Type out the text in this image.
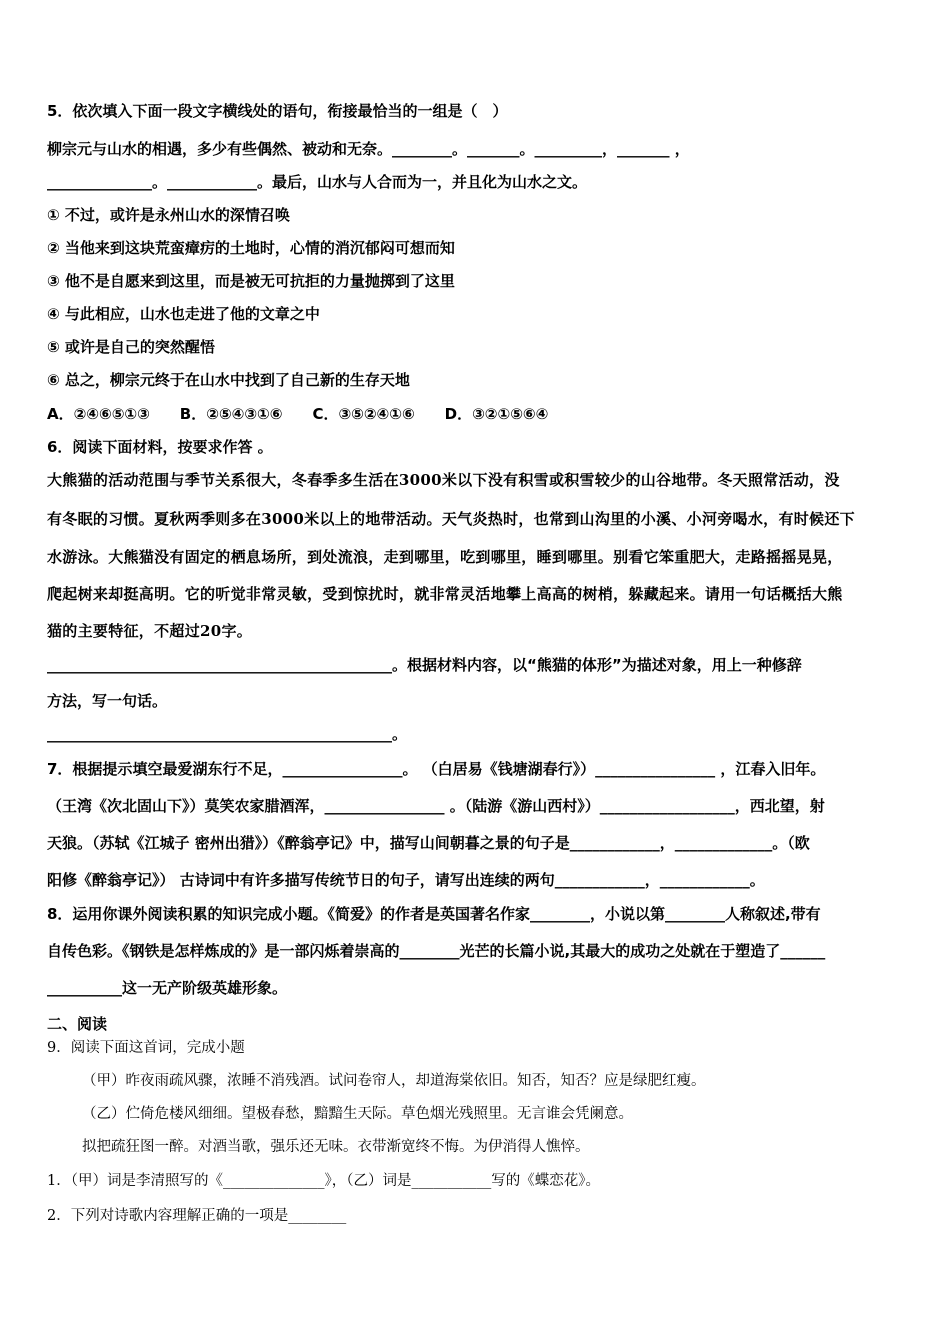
5．依次填入下面一段文字横线处的语句，衔接最恰当的一组是（　）
柳宗元与山水的相遇，多少有些偶然、被动和无奈。________。_______。_________，_______ ，
______________。____________。最后，山水与人合而为一，并且化为山水之文。
① 不过，或许是永州山水的深情召唤
② 当他来到这块荒蛮瘴疠的土地时，心情的消沉郁闷可想而知
③ 他不是自愿来到这里，而是被无可抗拒的力量抛掷到了这里
④ 与此相应，山水也走进了他的文章之中
⑤ 或许是自己的突然醒悟
⑥ 总之，柳宗元终于在山水中找到了自己新的生存天地
A．②④⑥⑤①③　　B．②⑤④③①⑥　　C．③⑤②④①⑥　　D．③②①⑤⑥④
6．阅读下面材料，按要求作答 。
大熊猫的活动范围与季节关系很大，冬春季多生活在3000米以下没有积雪或积雪较少的山谷地带。冬天照常活动，没
有冬眠的习惯。夏秋两季则多在3000米以上的地带活动。天气炎热时，也常到山沟里的小溪、小河旁喝水，有时候还下
水游泳。大熊猫没有固定的栖息场所，到处流浪，走到哪里，吃到哪里，睡到哪里。别看它笨重肥大，走路摇摇晃晃，
爬起树来却挺高明。它的听觉非常灵敏，受到惊扰时，就非常灵活地攀上高高的树梢，躲藏起来。请用一句话概括大熊
猫的主要特征，不超过20字。
______________________________________________。根据材料内容，以“熊猫的体形”为描述对象，用上一种修辞
方法，写一句话。
______________________________________________。
7．根据提示填空最爱湖东行不足，________________。 （白居易《钱塘湖春行》）________________ ，江春入旧年。
（王湾《次北固山下》）莫笑农家腊酒浑，________________ 。（陆游《游山西村》）__________________，西北望，射
天狼。（苏轼《江城子 密州出猎》）《醉翁亭记》中，描写山间朝暮之景的句子是____________，_____________。（欧
阳修《醉翁亭记》） 古诗词中有许多描写传统节日的句子，请写出连续的两句____________，____________。
8．运用你课外阅读积累的知识完成小题。《简爱》的作者是英国著名作家________，小说以第________人称叙述,带有
自传色彩。《钢铁是怎样炼成的》是一部闪烁着崇高的________光芒的长篇小说,其最大的成功之处就在于塑造了______
__________这一无产阶级英雄形象。
二、阅读
9．阅读下面这首词，完成小题
（甲）昨夜雨疏风骤，浓睡不消残酒。试问卷帘人，却道海棠依旧。知否，知否？应是绿肥红瘦。
（乙）伫倚危楼风细细。望极春愁，黯黯生天际。草色烟光残照里。无言谁会凭阑意。
拟把疏狂图一醉。对酒当歌，强乐还无味。衣带渐宽终不悔。为伊消得人憔悴。
1．（甲）词是李清照写的《______________》，（乙）词是___________写的《蝶恋花》。
2．下列对诗歌内容理解正确的一项是________
